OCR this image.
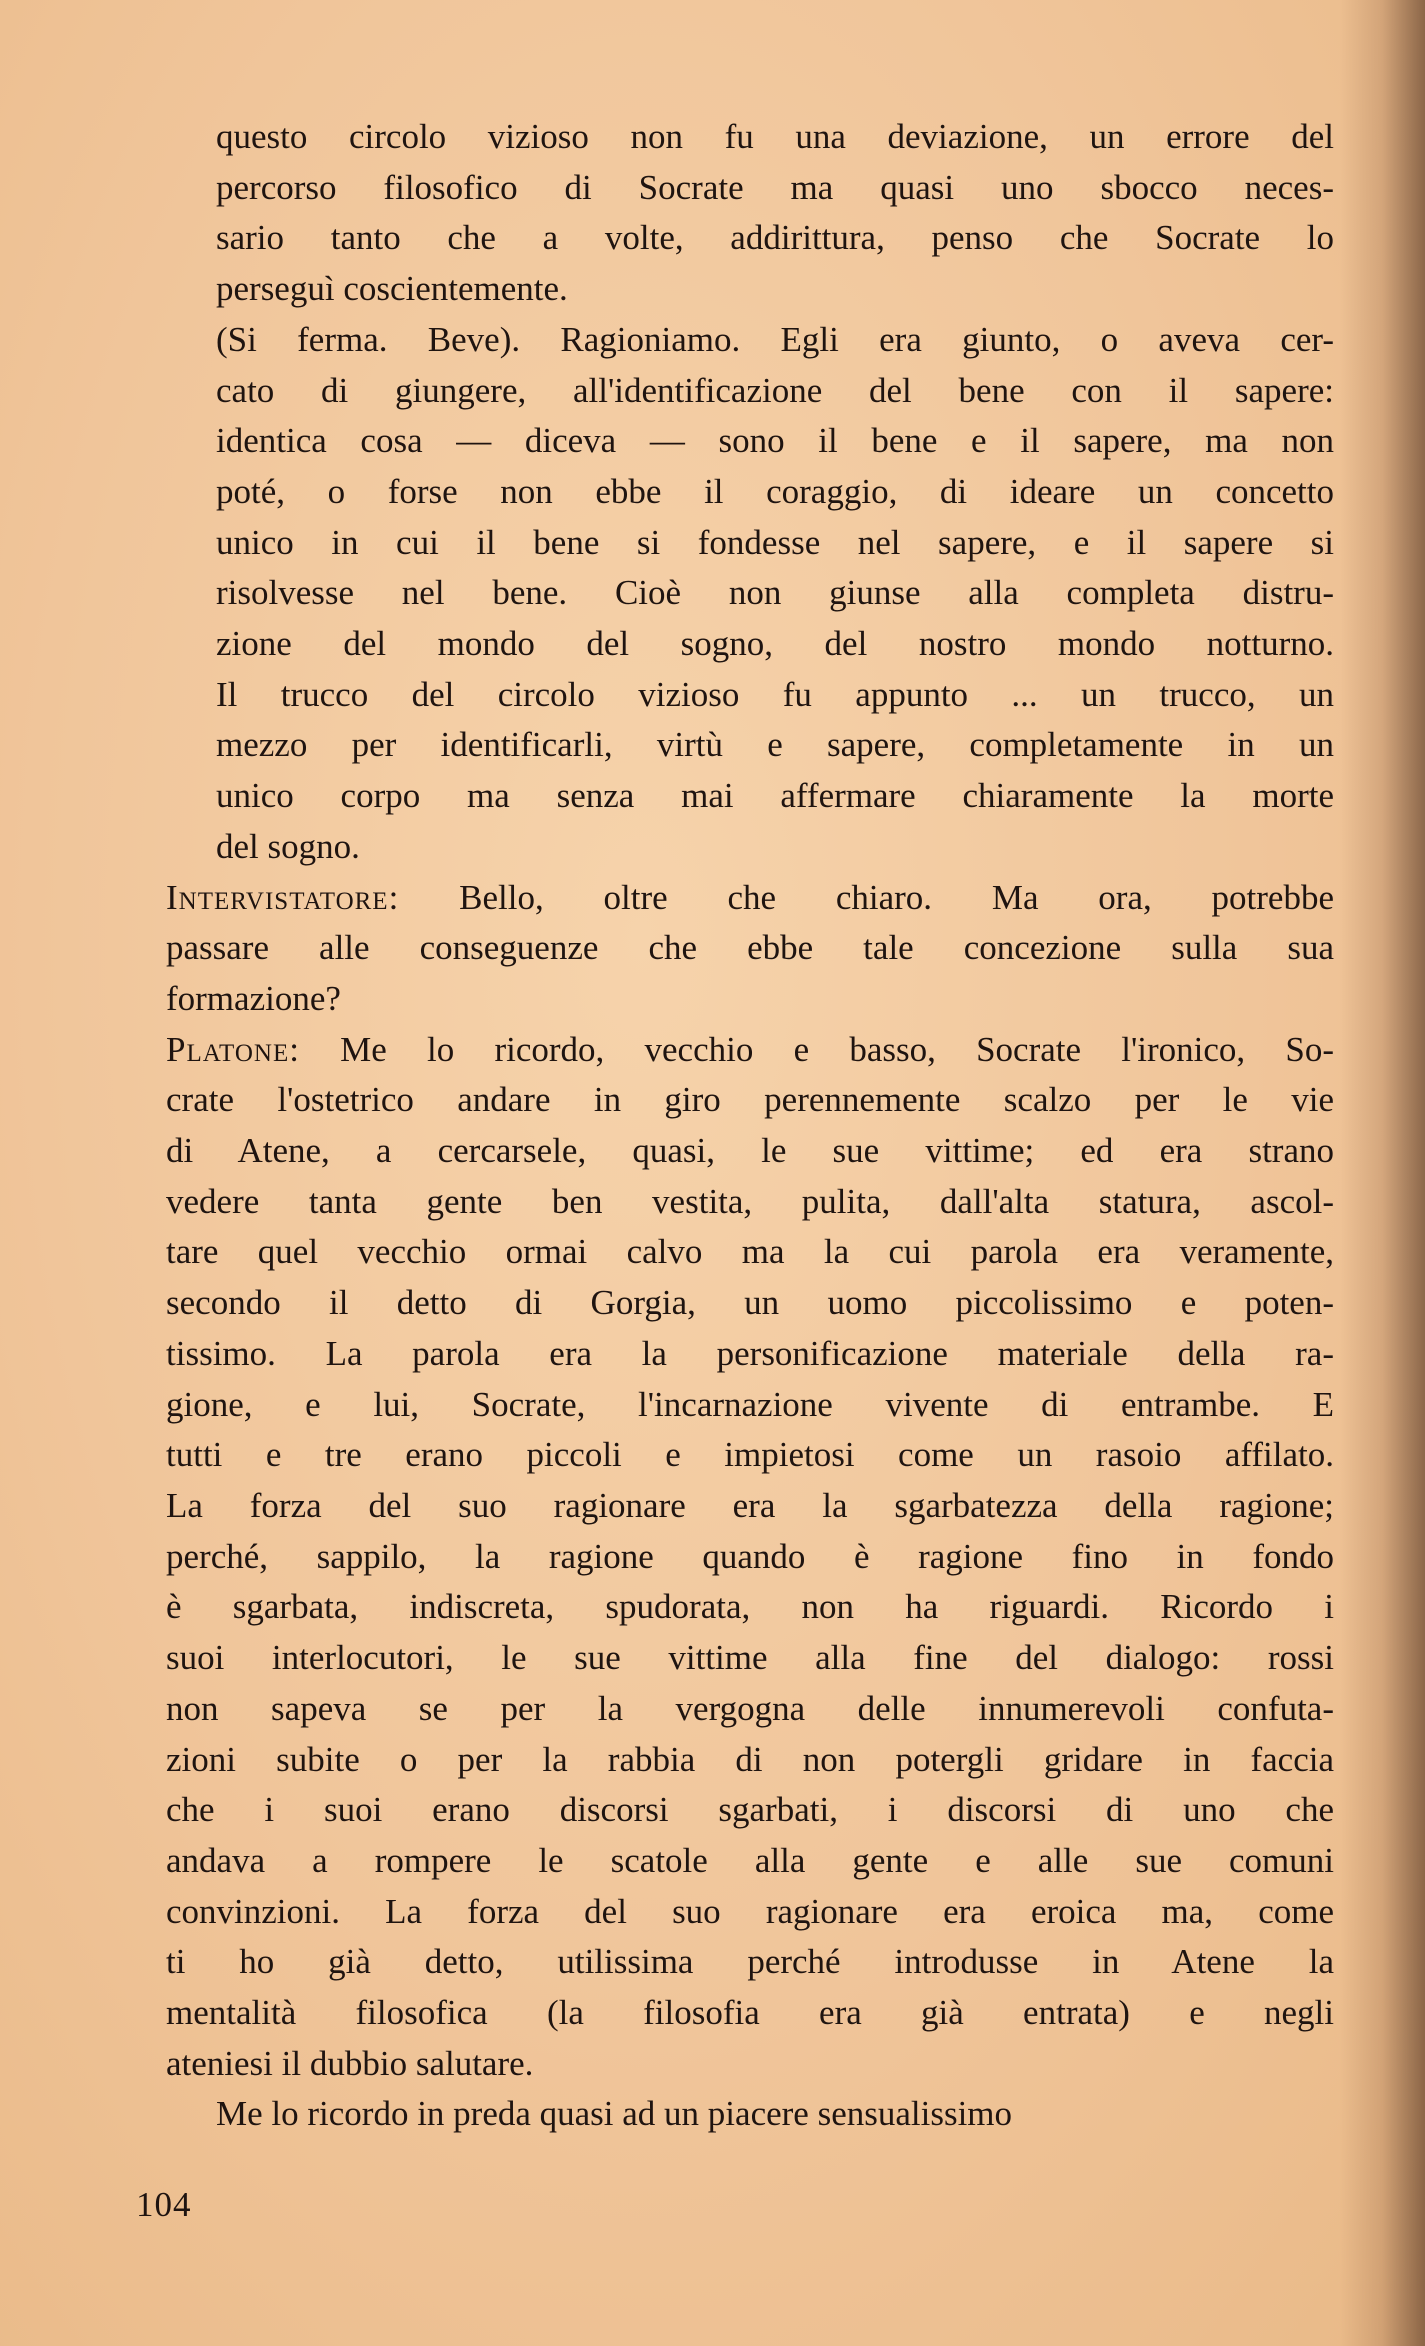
questo circolo vizioso non fu una deviazione, un errore del
percorso filosofico di Socrate ma quasi uno sbocco neces-
sario tanto che a volte, addirittura, penso che Socrate lo
perseguì coscientemente.
(Si ferma. Beve). Ragioniamo. Egli era giunto, o aveva cer-
cato di giungere, all'identificazione del bene con il sapere:
identica cosa — diceva — sono il bene e il sapere, ma non
poté, o forse non ebbe il coraggio, di ideare un concetto
unico in cui il bene si fondesse nel sapere, e il sapere si
risolvesse nel bene. Cioè non giunse alla completa distru-
zione del mondo del sogno, del nostro mondo notturno.
Il trucco del circolo vizioso fu appunto ... un trucco, un
mezzo per identificarli, virtù e sapere, completamente in un
unico corpo ma senza mai affermare chiaramente la morte
del sogno.
Intervistatore: Bello, oltre che chiaro. Ma ora, potrebbe
passare alle conseguenze che ebbe tale concezione sulla sua
formazione?
Platone: Me lo ricordo, vecchio e basso, Socrate l'ironico, So-
crate l'ostetrico andare in giro perennemente scalzo per le vie
di Atene, a cercarsele, quasi, le sue vittime; ed era strano
vedere tanta gente ben vestita, pulita, dall'alta statura, ascol-
tare quel vecchio ormai calvo ma la cui parola era veramente,
secondo il detto di Gorgia, un uomo piccolissimo e poten-
tissimo. La parola era la personificazione materiale della ra-
gione, e lui, Socrate, l'incarnazione vivente di entrambe. E
tutti e tre erano piccoli e impietosi come un rasoio affilato.
La forza del suo ragionare era la sgarbatezza della ragione;
perché, sappilo, la ragione quando è ragione fino in fondo
è sgarbata, indiscreta, spudorata, non ha riguardi. Ricordo i
suoi interlocutori, le sue vittime alla fine del dialogo: rossi
non sapeva se per la vergogna delle innumerevoli confuta-
zioni subite o per la rabbia di non potergli gridare in faccia
che i suoi erano discorsi sgarbati, i discorsi di uno che
andava a rompere le scatole alla gente e alle sue comuni
convinzioni. La forza del suo ragionare era eroica ma, come
ti ho già detto, utilissima perché introdusse in Atene la
mentalità filosofica (la filosofia era già entrata) e negli
ateniesi il dubbio salutare.
Me lo ricordo in preda quasi ad un piacere sensualissimo
104
